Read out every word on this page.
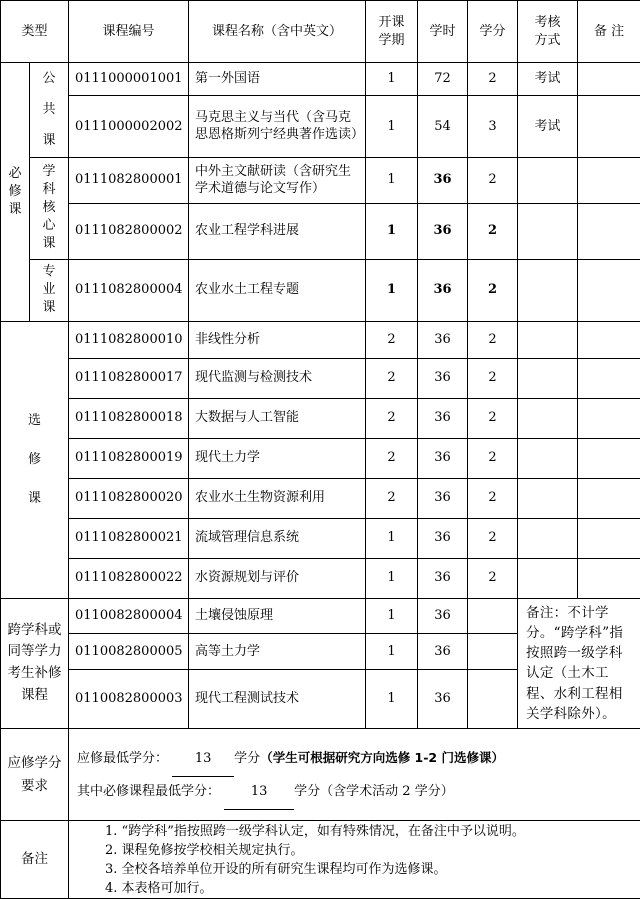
类型		课程编号	课程名称（含中英文）	开课学期	学时	学分	考核方式	备 注
必修课	公共课	0111000001001	第一外国语	1	72	2	考试	
		0111000002002	马克思主义与当代（含马克思恩格斯列宁经典著作选读）	1	54	3	考试	
	学科核心课	0111082800001	中外主文献研读（含研究生学术道德与论文写作）	1	36	2		
		0111082800002	农业工程学科进展	1	36	2		
	专业课	0111082800004	农业水土工程专题	1	36	2		
选修课		0111082800010	非线性分析	2	36	2		
		0111082800017	现代监测与检测技术	2	36	2		
		0111082800018	大数据与人工智能	2	36	2		
		0111082800019	现代土力学	2	36	2		
		0111082800020	农业水土生物资源利用	2	36	2		
		0111082800021	流域管理信息系统	1	36	2		
		0111082800022	水资源规划与评价	1	36	2		
跨学科或同等学力考生补修课程		0110082800004	土壤侵蚀原理	1	36		备注：不计学分。“跨学科”指按照跨一级学科认定（土木工程、水利工程相关学科除外）。	
		0110082800005	高等土力学	1	36			
		0110082800003	现代工程测试技术	1	36			
应修学分要求		应修最低学分： 13 学分（学生可根据研究方向选修 1-2 门选修课）
其中必修课程最低学分： 13 学分（含学术活动 2 学分）						

备注		1. “跨学科”指按照跨一级学科认定，如有特殊情况，在备注中予以说明。
2. 课程免修按学校相关规定执行。
3. 全校各培养单位开设的所有研究生课程均可作为选修课。
4. 本表格可加行。						
